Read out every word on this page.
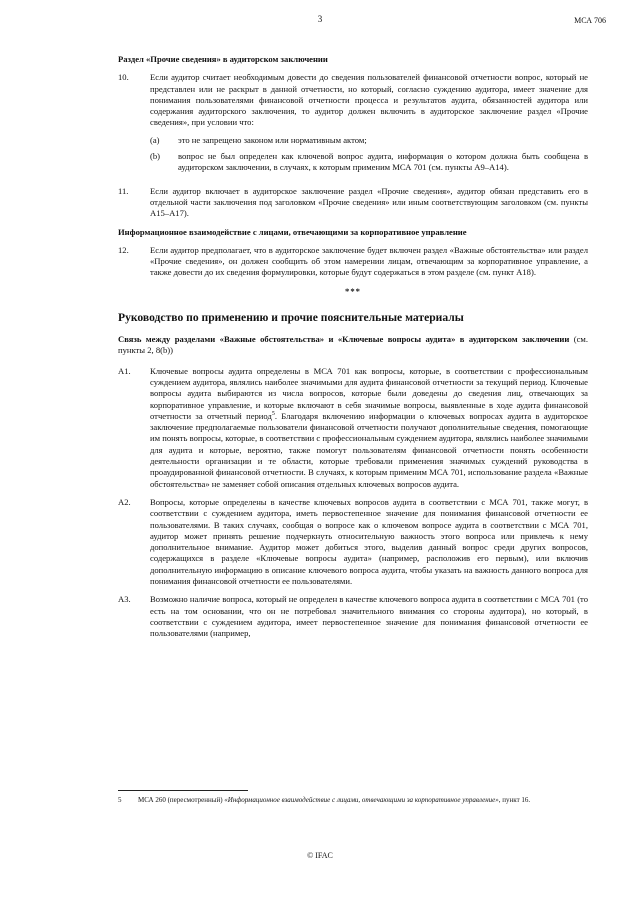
3	МСА 706
Раздел «Прочие сведения» в аудиторском заключении
10.	Если аудитор считает необходимым довести до сведения пользователей финансовой отчетности вопрос, который не представлен или не раскрыт в данной отчетности, но который, согласно суждению аудитора, имеет значение для понимания пользователями финансовой отчетности процесса и результатов аудита, обязанностей аудитора или содержания аудиторского заключения, то аудитор должен включить в аудиторское заключение раздел «Прочие сведения», при условии что:

(a)	это не запрещено законом или нормативным актом;
(b)	вопрос не был определен как ключевой вопрос аудита, информация о котором должна быть сообщена в аудиторском заключении, в случаях, к которым применим МСА 701 (см. пункты А9–А14).
11.	Если аудитор включает в аудиторское заключение раздел «Прочие сведения», аудитор обязан представить его в отдельной части заключения под заголовком «Прочие сведения» или иным соответствующим заголовком (см. пункты А15–А17).
Информационное взаимодействие с лицами, отвечающими за корпоративное управление
12.	Если аудитор предполагает, что в аудиторское заключение будет включен раздел «Важные обстоятельства» или раздел «Прочие сведения», он должен сообщить об этом намерении лицам, отвечающим за корпоративное управление, а также довести до их сведения формулировки, которые будут содержаться в этом разделе (см. пункт А18).
***
Руководство по применению и прочие пояснительные материалы
Связь между разделами «Важные обстоятельства» и «Ключевые вопросы аудита» в аудиторском заключении (см. пункты 2, 8(b))
А1.	Ключевые вопросы аудита определены в МСА 701 как вопросы, которые, в соответствии с профессиональным суждением аудитора, являлись наиболее значимыми для аудита финансовой отчетности за текущий период. Ключевые вопросы аудита выбираются из числа вопросов, которые были доведены до сведения лиц, отвечающих за корпоративное управление, и которые включают в себя значимые вопросы, выявленные в ходе аудита финансовой отчетности за отчетный период$^5$. Благодаря включению информации о ключевых вопросах аудита в аудиторское заключение предполагаемые пользователи финансовой отчетности получают дополнительные сведения, помогающие им понять вопросы, которые, в соответствии с профессиональным суждением аудитора, являлись наиболее значимыми для аудита и которые, вероятно, также помогут пользователям финансовой отчетности понять особенности деятельности организации и те области, которые требовали применения значимых суждений руководства в проаудированной финансовой отчетности. В случаях, к которым применим МСА 701, использование раздела «Важные обстоятельства» не заменяет собой описания отдельных ключевых вопросов аудита.
А2.	Вопросы, которые определены в качестве ключевых вопросов аудита в соответствии с МСА 701, также могут, в соответствии с суждением аудитора, иметь первостепенное значение для понимания финансовой отчетности ее пользователями. В таких случаях, сообщая о вопросе как о ключевом вопросе аудита в соответствии с МСА 701, аудитор может принять решение подчеркнуть относительную важность этого вопроса или привлечь к нему дополнительное внимание. Аудитор может добиться этого, выделив данный вопрос среди других вопросов, содержащихся в разделе «Ключевые вопросы аудита» (например, расположив его первым), или включив дополнительную информацию в описание ключевого вопроса аудита, чтобы указать на важность данного вопроса для понимания финансовой отчетности ее пользователями.
А3.	Возможно наличие вопроса, который не определен в качестве ключевого вопроса аудита в соответствии с МСА 701 (то есть на том основании, что он не потребовал значительного внимания со стороны аудитора), но который, в соответствии с суждением аудитора, имеет первостепенное значение для понимания финансовой отчетности ее пользователями (например,
5	МСА 260 (пересмотренный) «Информационное взаимодействие с лицами, отвечающими за корпоративное управление», пункт 16.
© IFAC
